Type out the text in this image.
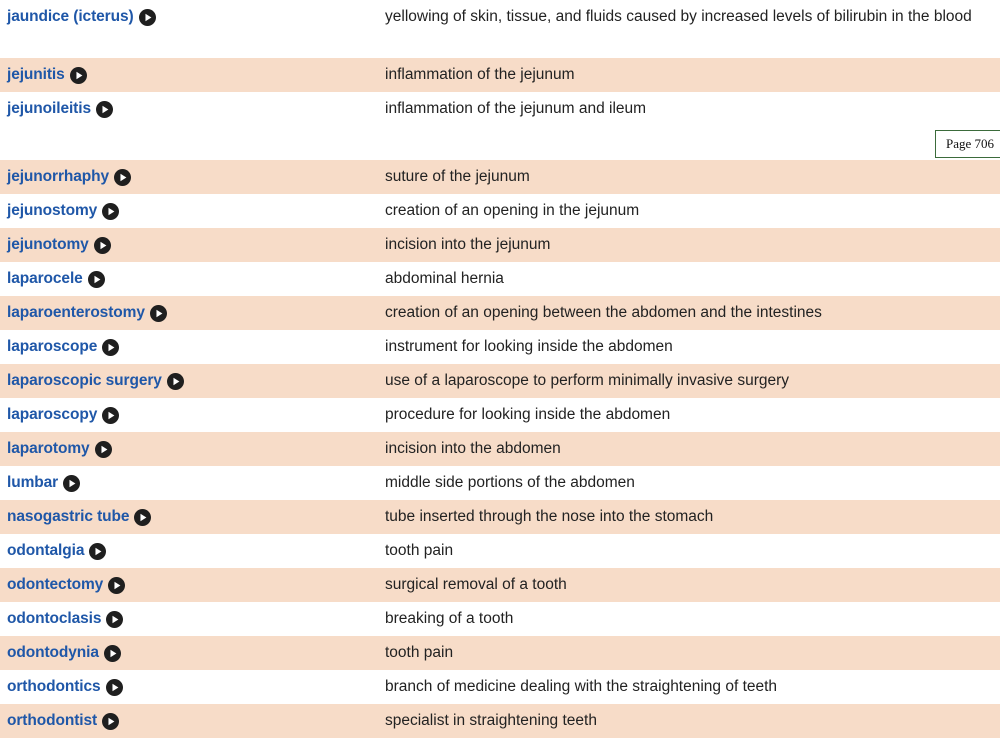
jaundice (icterus)	yellowing of skin, tissue, and fluids caused by increased levels of bilirubin in the blood
jejunitis	inflammation of the jejunum
jejunoileitis	inflammation of the jejunum and ileum
jejunorrhaphy	suture of the jejunum
jejunostomy	creation of an opening in the jejunum
jejunotomy	incision into the jejunum
laparocele	abdominal hernia
laparoenterostomy	creation of an opening between the abdomen and the intestines
laparoscope	instrument for looking inside the abdomen
laparoscopic surgery	use of a laparoscope to perform minimally invasive surgery
laparoscopy	procedure for looking inside the abdomen
laparotomy	incision into the abdomen
lumbar	middle side portions of the abdomen
nasogastric tube	tube inserted through the nose into the stomach
odontalgia	tooth pain
odontectomy	surgical removal of a tooth
odontoclasis	breaking of a tooth
odontodynia	tooth pain
orthodontics	branch of medicine dealing with the straightening of teeth
orthodontist	specialist in straightening teeth
Page 706
